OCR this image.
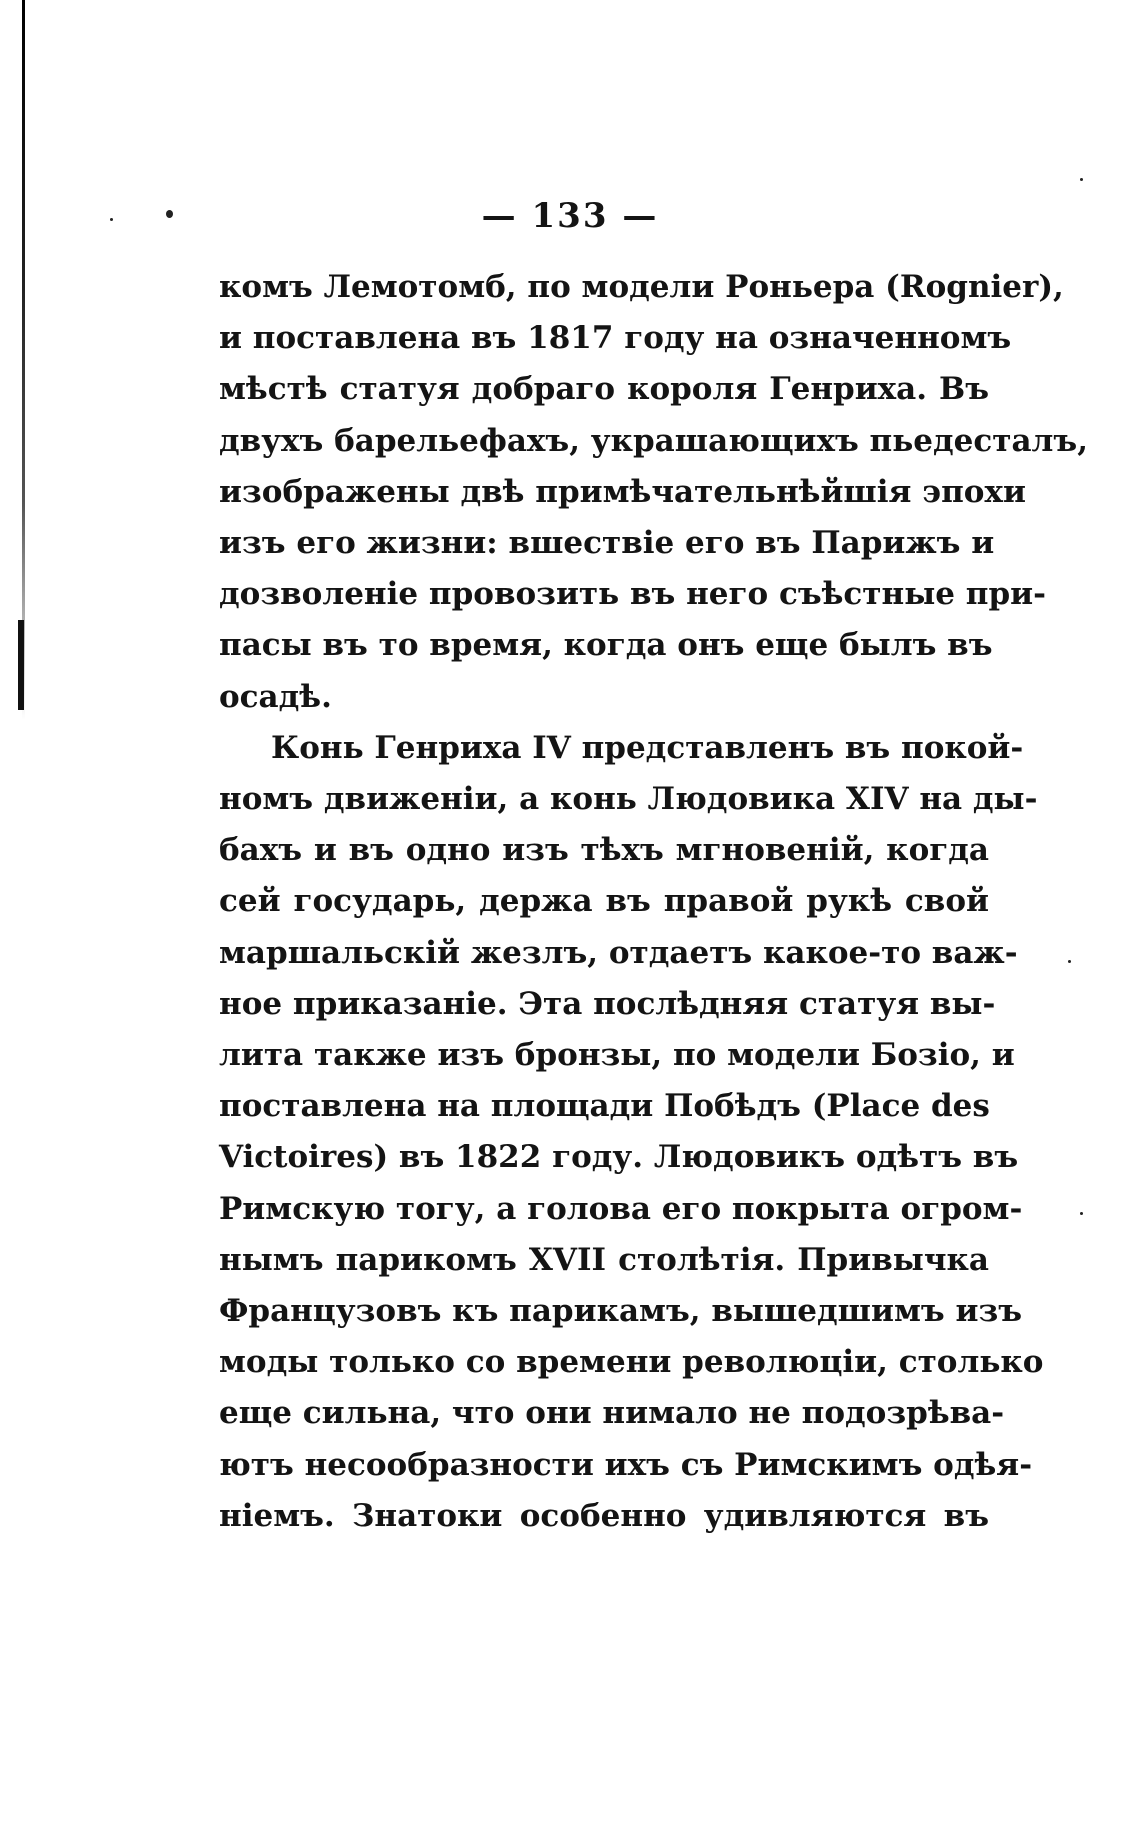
— 133 —
комъ Лемотомб, по модели Роньера (Rognier),
и поставлена въ 1817 году на означенномъ
мѣстѣ статуя добраго короля Генриха. Въ
двухъ барельефахъ, украшающихъ пьедесталъ,
изображены двѣ примѣчательнѣйшія эпохи
изъ его жизни: вшествіе его въ Парижъ и
дозволеніе провозить въ него съѣстные при-
пасы въ то время, когда онъ еще былъ въ
осадѣ.
Конь Генриха IV представленъ въ покой-
номъ движеніи, а конь Людовика XIV на ды-
бахъ и въ одно изъ тѣхъ мгновеній, когда
сей государь, держа въ правой рукѣ свой
маршальскій жезлъ, отдаетъ какое-то важ-
ное приказаніе. Эта послѣдняя статуя вы-
лита также изъ бронзы, по модели Бозіо, и
поставлена на площади Побѣдъ (Place des
Victoires) въ 1822 году. Людовикъ одѣтъ въ
Римскую тогу, а голова его покрыта огром-
нымъ парикомъ XVII столѣтія. Привычка
Французовъ къ парикамъ, вышедшимъ изъ
моды только со времени революціи, столько
еще сильна, что они нимало не подозрѣва-
ютъ несообразности ихъ съ Римскимъ одѣя-
ніемъ. Знатоки особенно удивляются въ
